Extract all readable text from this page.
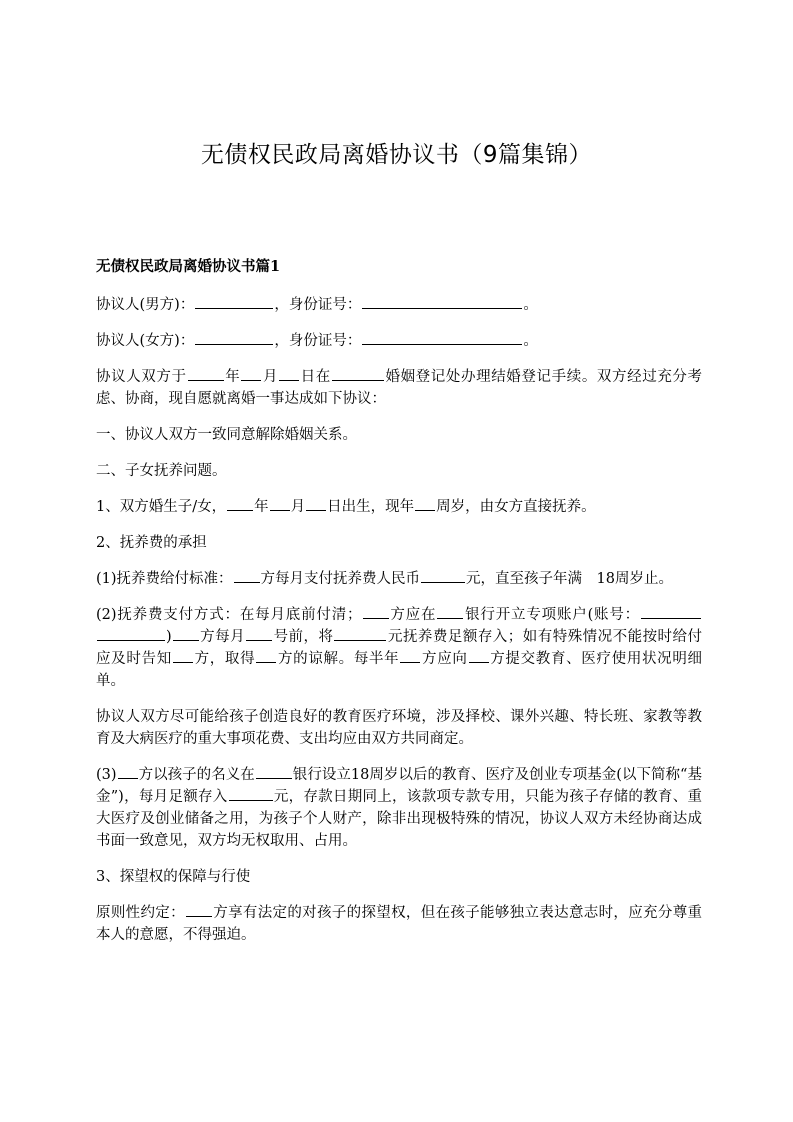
无债权民政局离婚协议书（9篇集锦）
无债权民政局离婚协议书篇1

协议人(男方)：	，身份证号：	。

协议人(女方)：	，身份证号：	。

协议人双方于	年 月 日在	婚姻登记处办理结婚登记手续。双方经过充分考虑、协商，现自愿就离婚一事达成如下协议：

一、协议人双方一致同意解除婚姻关系。

二、子女抚养问题。

1、双方婚生子/女， 年 月 日出生，现年 周岁，由女方直接抚养。

2、抚养费的承担

(1)抚养费给付标准： 方每月支付抚养费人民币	元，直至孩子年满　18周岁止。

(2)抚养费支付方式：在每月底前付清； 方应在 银行开立专项账户(账号： ) 方每月 号前，将	元抚养费足额存入；如有特殊情况不能按时给付应及时告知 方，取得 方的谅解。每半年 方应向 方提交教育、医疗使用状况明细单。

协议人双方尽可能给孩子创造良好的教育医疗环境，涉及择校、课外兴趣、特长班、家教等教育及大病医疗的重大事项花费、支出均应由双方共同商定。

(3) 方以孩子的名义在	银行设立18周岁以后的教育、医疗及创业专项基金(以下简称“基金”)，每月足额存入	元，存款日期同上，该款项专款专用，只能为孩子存储的教育、重大医疗及创业储备之用，为孩子个人财产，除非出现极特殊的情况，协议人双方未经协商达成书面一致意见，双方均无权取用、占用。

3、探望权的保障与行使

原则性约定： 方享有法定的对孩子的探望权，但在孩子能够独立表达意志时，应充分尊重本人的意愿，不得强迫。
